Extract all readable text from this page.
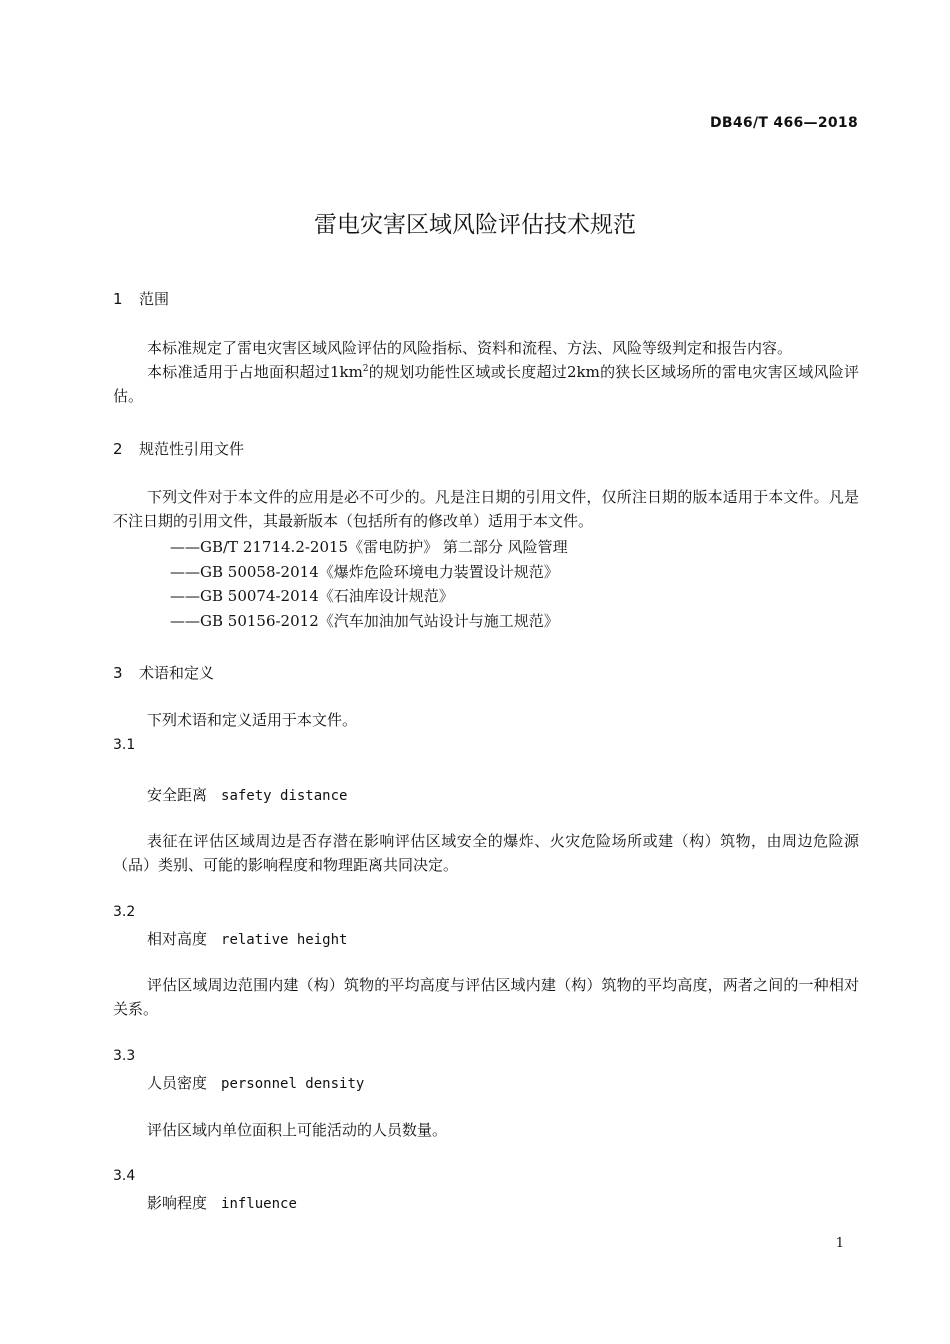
DB46/T 466—2018
雷电灾害区域风险评估技术规范
1 范围
本标准规定了雷电灾害区域风险评估的风险指标、资料和流程、方法、风险等级判定和报告内容。
本标准适用于占地面积超过$1km^2$的规划功能性区域或长度超过2km的狭长区域场所的雷电灾害区域风险评估。
2 规范性引用文件
下列文件对于本文件的应用是必不可少的。凡是注日期的引用文件，仅所注日期的版本适用于本文件。凡是不注日期的引用文件，其最新版本（包括所有的修改单）适用于本文件。
——GB/T 21714.2-2015《雷电防护》 第二部分 风险管理
——GB 50058-2014《爆炸危险环境电力装置设计规范》
——GB 50074-2014《石油库设计规范》
——GB 50156-2012《汽车加油加气站设计与施工规范》
3 术语和定义
下列术语和定义适用于本文件。
3.1
安全距离 safety distance
表征在评估区域周边是否存潜在影响评估区域安全的爆炸、火灾危险场所或建（构）筑物，由周边危险源（品）类别、可能的影响程度和物理距离共同决定。
3.2
相对高度 relative height
评估区域周边范围内建（构）筑物的平均高度与评估区域内建（构）筑物的平均高度，两者之间的一种相对关系。
3.3
人员密度 personnel density
评估区域内单位面积上可能活动的人员数量。
3.4
影响程度 influence
1
